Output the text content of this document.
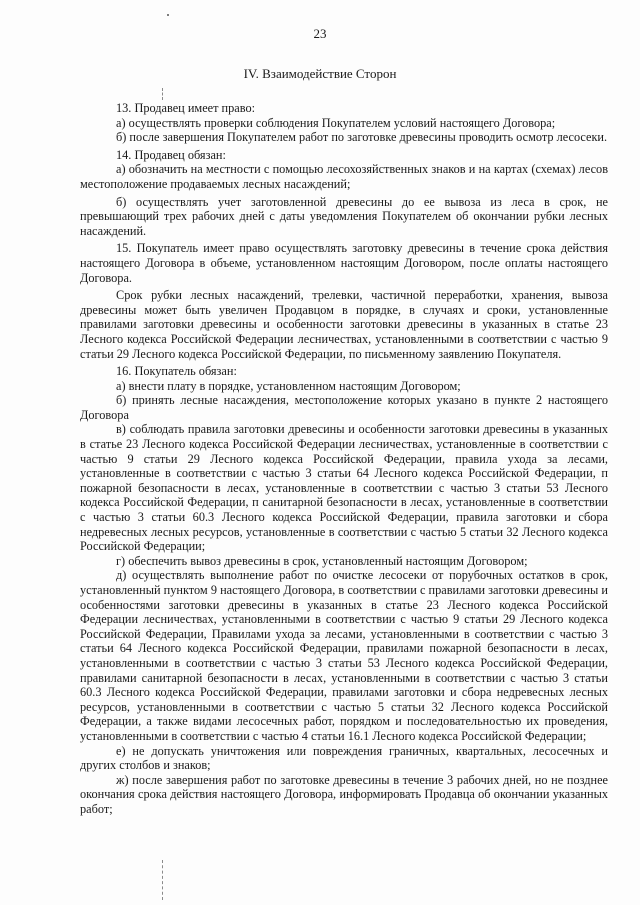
23
IV. Взаимодействие Сторон

13. Продавец имеет право:

а) осуществлять проверки соблюдения Покупателем условий настоящего Договора;

б) после завершения Покупателем работ по заготовке древесины проводить осмотр лесосеки.

14. Продавец обязан:

а) обозначить на местности с помощью лесохозяйственных знаков и на картах (схемах) лесов местоположение продаваемых лесных насаждений;

б) осуществлять учет заготовленной древесины до ее вывоза из леса в срок, не превышающий трех рабочих дней с даты уведомления Покупателем об окончании рубки лесных насаждений.

15. Покупатель имеет право осуществлять заготовку древесины в течение срока действия настоящего Договора в объеме, установленном настоящим Договором, после оплаты настоящего Договора.

Срок рубки лесных насаждений, трелевки, частичной переработки, хранения, вывоза древесины может быть увеличен Продавцом в порядке, в случаях и сроки, установленные правилами заготовки древесины и особенности заготовки древесины в указанных в статье 23 Лесного кодекса Российской Федерации лесничествах, установленными в соответствии с частью 9 статьи 29 Лесного кодекса Российской Федерации, по письменному заявлению Покупателя.

16. Покупатель обязан:

а) внести плату в порядке, установленном настоящим Договором;

б) принять лесные насаждения, местоположение которых указано в пункте 2 настоящего Договора

в) соблюдать правила заготовки древесины и особенности заготовки древесины в указанных в статье 23 Лесного кодекса Российской Федерации лесничествах, установленные в соответствии с частью 9 статьи 29 Лесного кодекса Российской Федерации, правила ухода за лесами, установленные в соответствии с частью 3 статьи 64 Лесного кодекса Российской Федерации, п пожарной безопасности в лесах, установленные в соответствии с частью 3 статьи 53 Лесного кодекса Российской Федерации, п санитарной безопасности в лесах, установленные в соответствии с частью 3 статьи 60.3 Лесного кодекса Российской Федерации, правила заготовки и сбора недревесных лесных ресурсов, установленные в соответствии с частью 5 статьи 32 Лесного кодекса Российской Федерации;

г) обеспечить вывоз древесины в срок, установленный настоящим Договором;

д) осуществлять выполнение работ по очистке лесосеки от порубочных остатков в срок, установленный пунктом 9 настоящего Договора, в соответствии с правилами заготовки древесины и особенностями заготовки древесины в указанных в статье 23 Лесного кодекса Российской Федерации лесничествах, установленными в соответствии с частью 9 статьи 29 Лесного кодекса Российской Федерации, Правилами ухода за лесами, установленными в соответствии с частью 3 статьи 64 Лесного кодекса Российской Федерации, правилами пожарной безопасности в лесах, установленными в соответствии с частью 3 статьи 53 Лесного кодекса Российской Федерации, правилами санитарной безопасности в лесах, установленными в соответствии с частью 3 статьи 60.3 Лесного кодекса Российской Федерации, правилами заготовки и сбора недревесных лесных ресурсов, установленными в соответствии с частью 5 статьи 32 Лесного кодекса Российской Федерации, а также видами лесосечных работ, порядком и последовательностью их проведения, установленными в соответствии с частью 4 статьи 16.1 Лесного кодекса Российской Федерации;

е) не допускать уничтожения или повреждения граничных, квартальных, лесосечных и других столбов и знаков;

ж) после завершения работ по заготовке древесины в течение 3 рабочих дней, но не позднее окончания срока действия настоящего Договора, информировать Продавца об окончании указанных работ;
